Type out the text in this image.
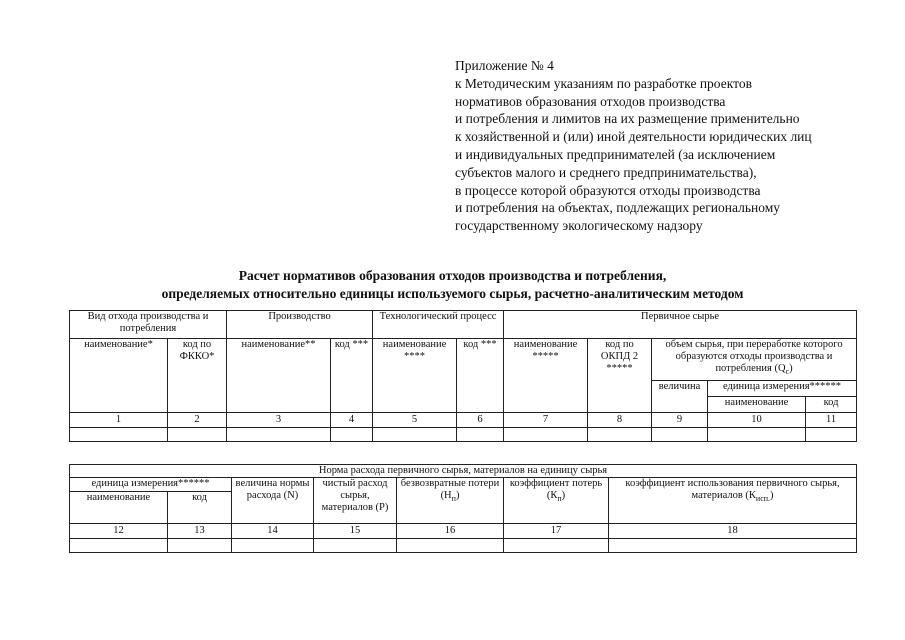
Приложение № 4
к Методическим указаниям по разработке проектов
нормативов образования отходов производства
и потребления и лимитов на их размещение применительно
к хозяйственной и (или) иной деятельности юридических лиц
и индивидуальных предпринимателей (за исключением
субъектов малого и среднего предпринимательства),
в процессе которой образуются отходы производства
и потребления на объектах, подлежащих региональному
государственному экологическому надзору
Расчет нормативов образования отходов производства и потребления,
определяемых относительно единицы используемого сырья, расчетно-аналитическим методом
Вид отхода производства и потребления		Производство		Технологический процесс		Первичное сырье				
наименование*	код по ФККО*	наименование**	код ***	наименование ****	код ***	наименование *****	код по ОКПД 2 *****	объем сырья, при переработке которого образуются отходы производства и потребления $(Q_с)$		
								величина	единица измерения******	
									наименование	код
1	2	3	4	5	6	7	8	9	10	11

Норма расхода первичного сырья, материалов на единицу сырья						
единица измерения******		величина нормы расхода (N)	чистый расход сырья, материалов (P)	безвозвратные потери $(Н_п)$	коэффициент потерь $(К_п)$	коэффициент использования первичного сырья, материалов $(К_{исп.})$
наименование	код					
12	13	14	15	16	17	18
